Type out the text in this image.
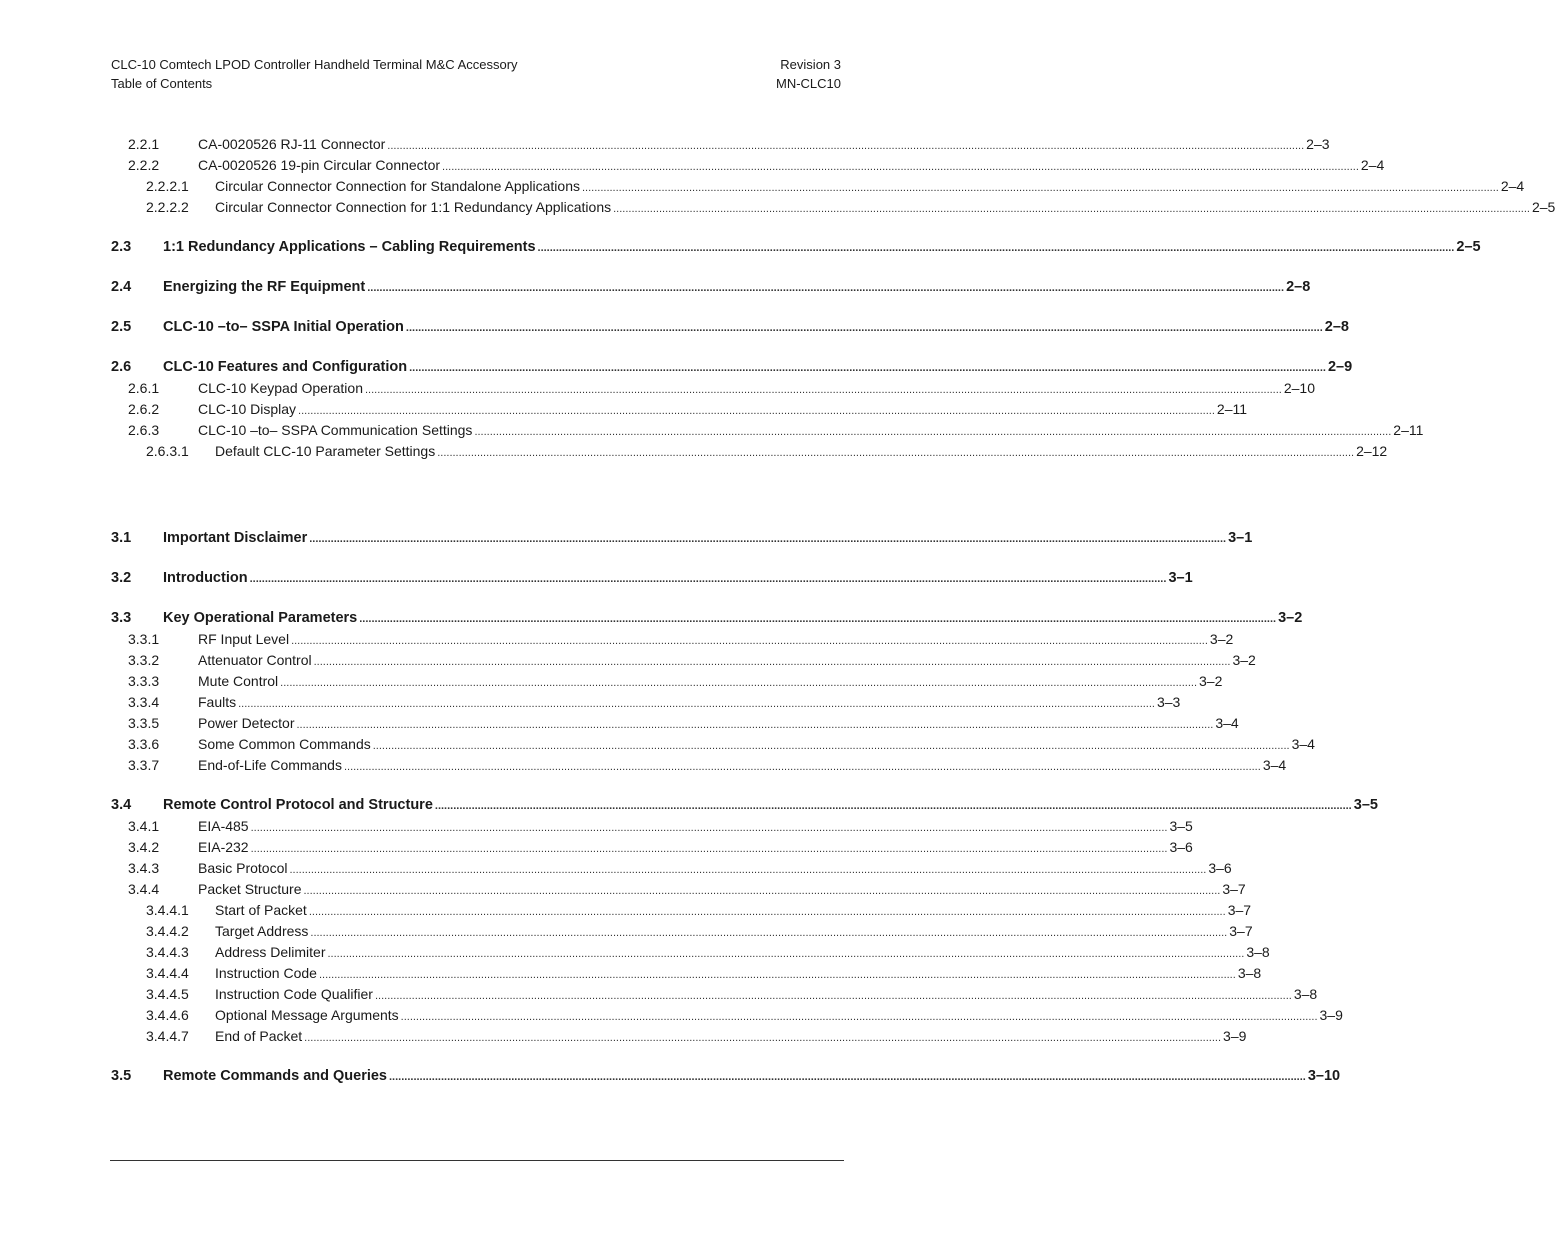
CLC-10 Comtech LPOD Controller Handheld Terminal M&C Accessory
Table of Contents
Revision 3
MN-CLC10
2.2.1	CA-0020526 RJ-11 Connector ............................................................................................................................................................................................................................................................................................................ 2–3
2.2.2	CA-0020526 19-pin Circular Connector ............................................................................................................................................................................................................................................................................................................ 2–4
2.2.2.1	Circular Connector Connection for Standalone Applications ............................................................................................................................................................................................................................................................................................................ 2–4
2.2.2.2	Circular Connector Connection for 1:1 Redundancy Applications ............................................................................................................................................................................................................................................................................................................ 2–5
2.3	1:1 Redundancy Applications – Cabling Requirements ............................................................................................................................................................................................................................................................................................................ 2–5
2.4	Energizing the RF Equipment ............................................................................................................................................................................................................................................................................................................ 2–8
2.5	CLC-10 –to– SSPA Initial Operation ............................................................................................................................................................................................................................................................................................................ 2–8
2.6	CLC-10 Features and Configuration ............................................................................................................................................................................................................................................................................................................ 2–9
2.6.1	CLC-10 Keypad Operation ............................................................................................................................................................................................................................................................................................................ 2–10
2.6.2	CLC-10 Display ............................................................................................................................................................................................................................................................................................................ 2–11
2.6.3	CLC-10 –to– SSPA Communication Settings ............................................................................................................................................................................................................................................................................................................ 2–11
2.6.3.1	Default CLC-10 Parameter Settings ............................................................................................................................................................................................................................................................................................................ 2–12
3.1	Important Disclaimer ............................................................................................................................................................................................................................................................................................................ 3–1
3.2	Introduction ............................................................................................................................................................................................................................................................................................................ 3–1
3.3	Key Operational Parameters ............................................................................................................................................................................................................................................................................................................ 3–2
3.3.1	RF Input Level ............................................................................................................................................................................................................................................................................................................ 3–2
3.3.2	Attenuator Control ............................................................................................................................................................................................................................................................................................................ 3–2
3.3.3	Mute Control ............................................................................................................................................................................................................................................................................................................ 3–2
3.3.4	Faults ............................................................................................................................................................................................................................................................................................................ 3–3
3.3.5	Power Detector ............................................................................................................................................................................................................................................................................................................ 3–4
3.3.6	Some Common Commands ............................................................................................................................................................................................................................................................................................................ 3–4
3.3.7	End-of-Life Commands ............................................................................................................................................................................................................................................................................................................ 3–4
3.4	Remote Control Protocol and Structure ............................................................................................................................................................................................................................................................................................................ 3–5
3.4.1	EIA-485 ............................................................................................................................................................................................................................................................................................................ 3–5
3.4.2	EIA-232 ............................................................................................................................................................................................................................................................................................................ 3–6
3.4.3	Basic Protocol ............................................................................................................................................................................................................................................................................................................ 3–6
3.4.4	Packet Structure ............................................................................................................................................................................................................................................................................................................ 3–7
3.4.4.1	Start of Packet ............................................................................................................................................................................................................................................................................................................ 3–7
3.4.4.2	Target Address ............................................................................................................................................................................................................................................................................................................ 3–7
3.4.4.3	Address Delimiter ............................................................................................................................................................................................................................................................................................................ 3–8
3.4.4.4	Instruction Code ............................................................................................................................................................................................................................................................................................................ 3–8
3.4.4.5	Instruction Code Qualifier ............................................................................................................................................................................................................................................................................................................ 3–8
3.4.4.6	Optional Message Arguments ............................................................................................................................................................................................................................................................................................................ 3–9
3.4.4.7	End of Packet ............................................................................................................................................................................................................................................................................................................ 3–9
3.5	Remote Commands and Queries ............................................................................................................................................................................................................................................................................................................ 3–10
